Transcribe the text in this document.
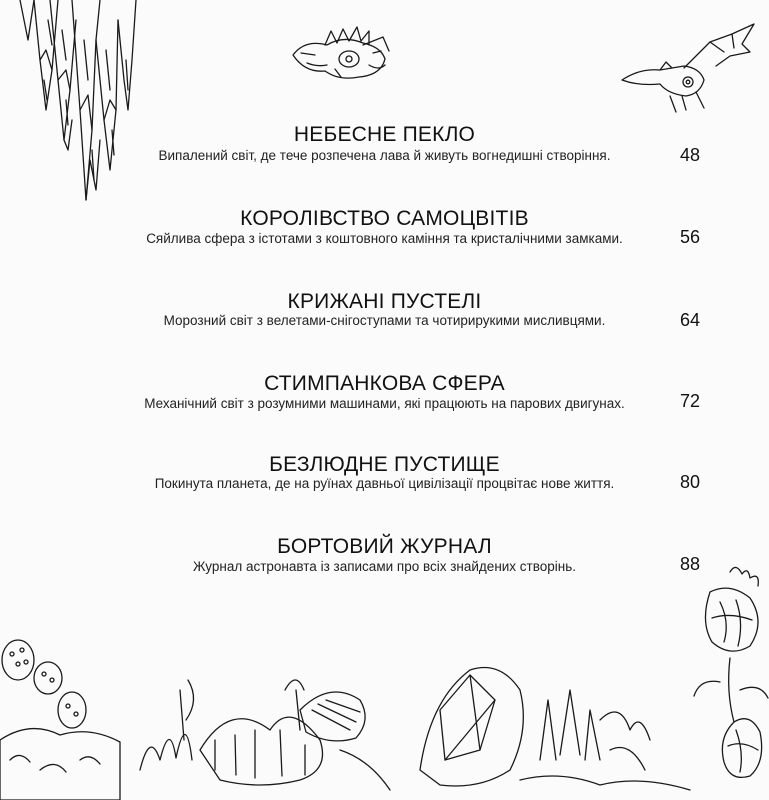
НЕБЕСНЕ ПЕКЛО
Випалений світ, де тече розпечена лава й живуть вогнедишні створіння.	48
КОРОЛІВСТВО САМОЦВІТІВ
Сяйлива сфера з істотами з коштовного каміння та кристалічними замками.	56
КРИЖАНІ ПУСТЕЛІ
Морозний світ з велетами-снігоступами та чотирирукими мисливцями.	64
СТИМПАНКОВА СФЕРА
Механічний світ з розумними машинами, які працюють на парових двигунах.	72
БЕЗЛЮДНЕ ПУСТИЩЕ
Покинута планета, де на руїнах давньої цивілізації процвітає нове життя.	80
БОРТОВИЙ ЖУРНАЛ
Журнал астронавта із записами про всіх знайдених створінь.	88
